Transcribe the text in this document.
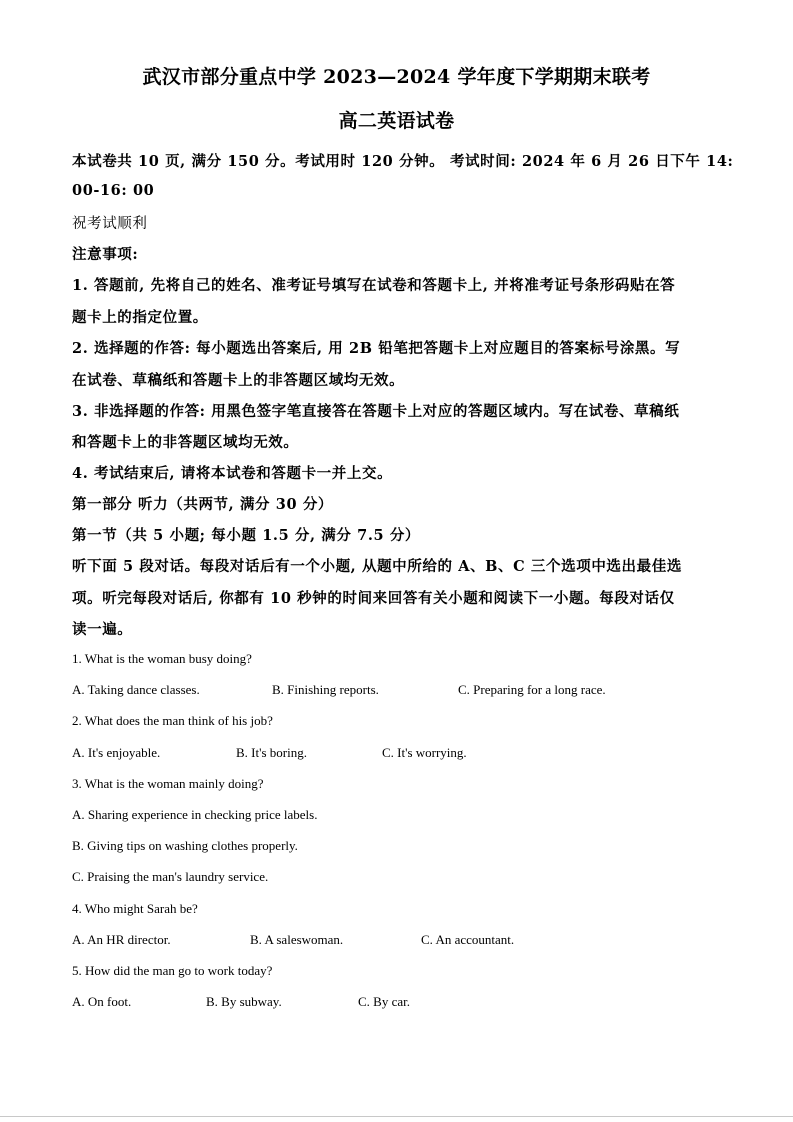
武汉市部分重点中学 2023—2024 学年度下学期期末联考
高二英语试卷
本试卷共 10 页, 满分 150 分。考试用时 120 分钟。 考试时间: 2024 年 6 月 26 日下午 14:
00-16: 00
祝考试顺利
注意事项:
1. 答题前, 先将自己的姓名、准考证号填写在试卷和答题卡上, 并将准考证号条形码贴在答
题卡上的指定位置。
2. 选择题的作答: 每小题选出答案后, 用 2B 铅笔把答题卡上对应题目的答案标号涂黑。写
在试卷、草稿纸和答题卡上的非答题区域均无效。
3. 非选择题的作答: 用黑色签字笔直接答在答题卡上对应的答题区域内。写在试卷、草稿纸
和答题卡上的非答题区域均无效。
4. 考试结束后, 请将本试卷和答题卡一并上交。
第一部分 听力（共两节, 满分 30 分）
第一节（共 5 小题; 每小题 1.5 分, 满分 7.5 分）
听下面 5 段对话。每段对话后有一个小题, 从题中所给的 A、B、C 三个选项中选出最佳选
项。听完每段对话后, 你都有 10 秒钟的时间来回答有关小题和阅读下一小题。每段对话仅
读一遍。
1. What is the woman busy doing?
A. Taking dance classes.	B. Finishing reports.	C. Preparing for a long race.
2. What does the man think of his job?
A. It's enjoyable.	B. It's boring.	C. It's worrying.
3. What is the woman mainly doing?
A. Sharing experience in checking price labels.
B. Giving tips on washing clothes properly.
C. Praising the man's laundry service.
4. Who might Sarah be?
A. An HR director.	B. A saleswoman.	C. An accountant.
5. How did the man go to work today?
A. On foot.	B. By subway.	C. By car.
